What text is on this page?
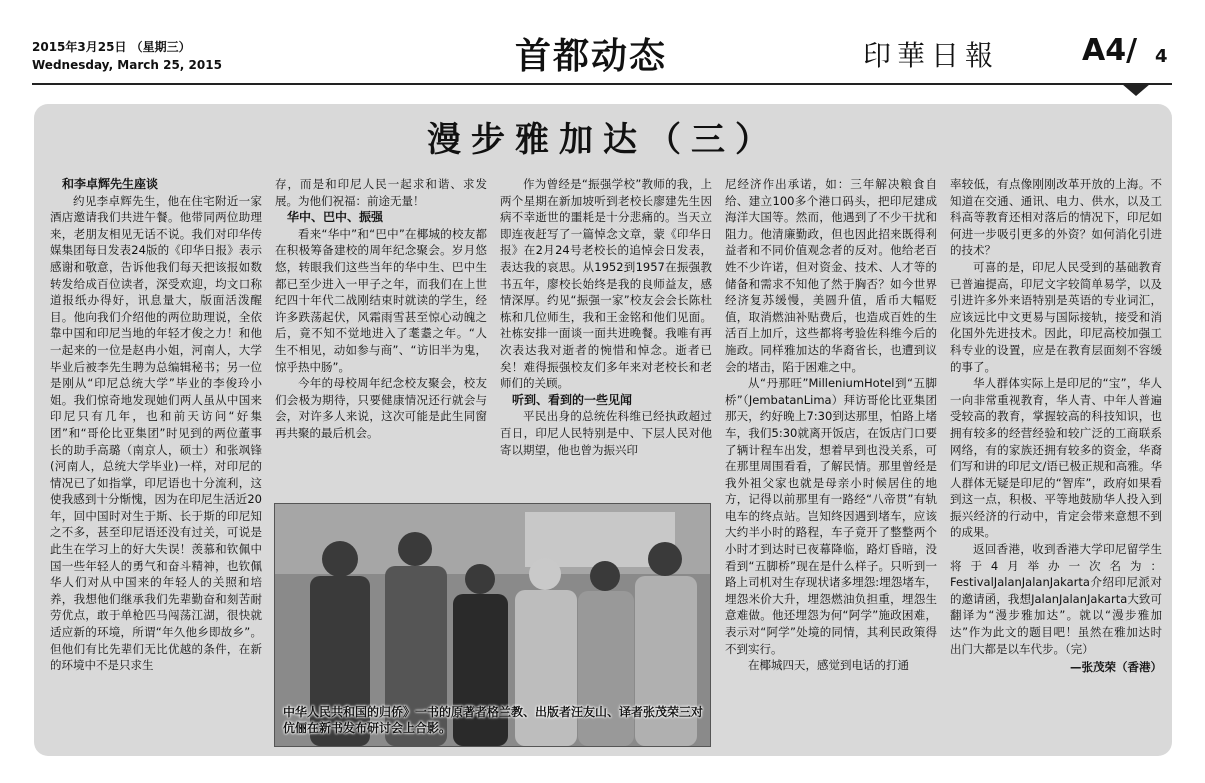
2015年3月25日 （星期三）
Wednesday, March 25, 2015	首都动态	印華日報	A4/ 4
漫步雅加达（三）
和李卓辉先生座谈

约见李卓辉先生，他在住宅附近一家酒店邀请我们共进午餐。他带同两位助理来，老朋友相见无话不说。我们对印华传媒集团每日发表24版的《印华日报》表示感谢和敬意，告诉他我们每天把该报如数转发给成百位读者，深受欢迎，均文口称道报纸办得好，讯息量大，版面活泼醒目。他向我们介绍他的两位助理说，全依靠中国和印尼当地的年轻才俊之力！和他一起来的一位是赵冉小姐，河南人，大学毕业后被李先生聘为总编辑秘书；另一位是刚从“印尼总统大学”毕业的李俊玲小姐。我们惊奇地发现她们两人虽从中国来印尼只有几年，也和前天访问“好集团”和“哥伦比亚集团”时见到的两位董事长的助手高璐（南京人，硕士）和张飒锋(河南人，总统大学毕业)一样，对印尼的情况已了如指掌，印尼语也十分流利，这使我感到十分惭愧，因为在印尼生活近20年，回中国时对生于斯、长于斯的印尼知之不多，甚至印尼语还没有过关，可说是此生在学习上的好大失误！羡慕和钦佩中国一些年轻人的勇气和奋斗精神，也钦佩华人们对从中国来的年轻人的关照和培养，我想他们继承我们先辈勤奋和刻苦耐劳优点，敢于单枪匹马闯荡江湖，很快就适应新的环境，所谓“年久他乡即故乡”。但他们有比先辈们无比优越的条件，在新的环境中不是只求生

存，而是和印尼人民一起求和谐、求发展。为他们祝福：前途无量！

华中、巴中、振强

看来“华中”和“巴中”在椰城的校友都在积极筹备建校的周年纪念聚会。岁月悠悠，转眼我们这些当年的华中生、巴中生都已至少进入一甲子之年，而我们在上世纪四十年代二战刚结束时就读的学生，经许多跌荡起伏，风霜雨雪甚至惊心动魄之后，竟不知不觉地进入了耄耋之年。“人生不相见，动如参与商”、“访旧半为鬼，惊乎热中肠”。

今年的母校周年纪念校友聚会，校友们会极为期待，只要健康情况还行就会与会，对许多人来说，这次可能是此生同窗再共聚的最后机会。

作为曾经是“振强学校”教师的我，上两个星期在新加坡听到老校长廖建先生因病不幸逝世的噩耗是十分悲痛的。当天立即连夜赶写了一篇悼念文章，蒙《印华日报》在2月24号老校长的追悼会日发表，表达我的哀思。从1952到1957在振强教书五年，廖校长始终是我的良师益友，感情深厚。约见“振强一家”校友会会长陈杜栋和几位师生，我和王金铭和他们见面。社栋安排一面谈一面共进晚餐。我唯有再次表达我对逝者的惋惜和悼念。逝者已矣！难得振强校友们多年来对老校长和老师们的关顾。

听到、看到的一些见闻

平民出身的总统佐科维已经执政超过百日，印尼人民特别是中、下层人民对他寄以期望，他也曾为振兴印

尼经济作出承诺，如：三年解决粮食自给、建立100多个港口码头，把印尼建成海洋大国等。然而，他遇到了不少干扰和阻力。他清廉勤政，但也因此招来既得利益者和不同价值观念者的反对。他给老百姓不少许诺，但对资金、技术、人才等的储备和需求不知他了然于胸否？如今世界经济复苏缓慢，美圆升值，盾币大幅贬值，取消燃油补贴费后，也造成百姓的生活百上加斤，这些都将考验佐科维今后的施政。同样雅加达的华裔省长，也遭到议会的堵击，陷于困难之中。

从“丹那旺”MilleniumHotel到“五脚桥”（JembatanLima）拜访哥伦比亚集团那天，约好晚上7:30到达那里，怕路上堵车，我们5:30就离开饭店，在饭店门口要了辆计程车出发，想着早到也没关系，可在那里周围看看，了解民情。那里曾经是我外祖父家也就是母亲小时候居住的地方，记得以前那里有一路经“八帝贯”有轨电车的终点站。岂知终因遇到堵车，应该大约半小时的路程，车子竟开了整整两个小时才到达时已夜幕降临，路灯昏暗，没看到“五脚桥”现在是什么样子。只听到一路上司机对生存现状诸多埋怨:埋怨堵车，埋怨米价大升，埋怨燃油负担重，埋怨生意难做。他还埋怨为何“阿学”施政困难，表示对“阿学”处境的同情，其利民政策得不到实行。

在椰城四天，感觉到电话的打通

率较低，有点像刚刚改革开放的上海。不知道在交通、通讯、电力、供水，以及工科高等教育还相对落后的情况下，印尼如何进一步吸引更多的外资？如何消化引进的技术？

可喜的是，印尼人民受到的基础教育已普遍提高，印尼文字较简单易学，以及引进许多外来语特别是英语的专业词汇，应该远比中文更易与国际接轨，接受和消化国外先进技术。因此，印尼高校加强工科专业的设置，应是在教育层面刻不容缓的事了。

华人群体实际上是印尼的“宝”，华人一向非常重视教育，华人青、中年人普遍受较高的教育，掌握较高的科技知识，也拥有较多的经营经验和较广泛的工商联系网络，有的家族还拥有较多的资金，华裔们写和讲的印尼文/语已极正规和高雅。华人群体无疑是印尼的“智库”，政府如果看到这一点，积极、平等地鼓励华人投入到振兴经济的行动中，肯定会带来意想不到的成果。

返回香港，收到香港大学印尼留学生将于4月举办一次名为：FestivalJalanJalanJakarta介绍印尼派对的邀请函，我想JalanJalanJakarta大致可翻译为“漫步雅加达”。就以“漫步雅加达”作为此文的题目吧！虽然在雅加达时出门大都是以车代步。（完）

—张茂荣（香港）
中华人民共和国的归侨》一书的原著者格兰教、出版者汪友山、译者张茂荣三对伉俪在新书发布研讨会上合影。
